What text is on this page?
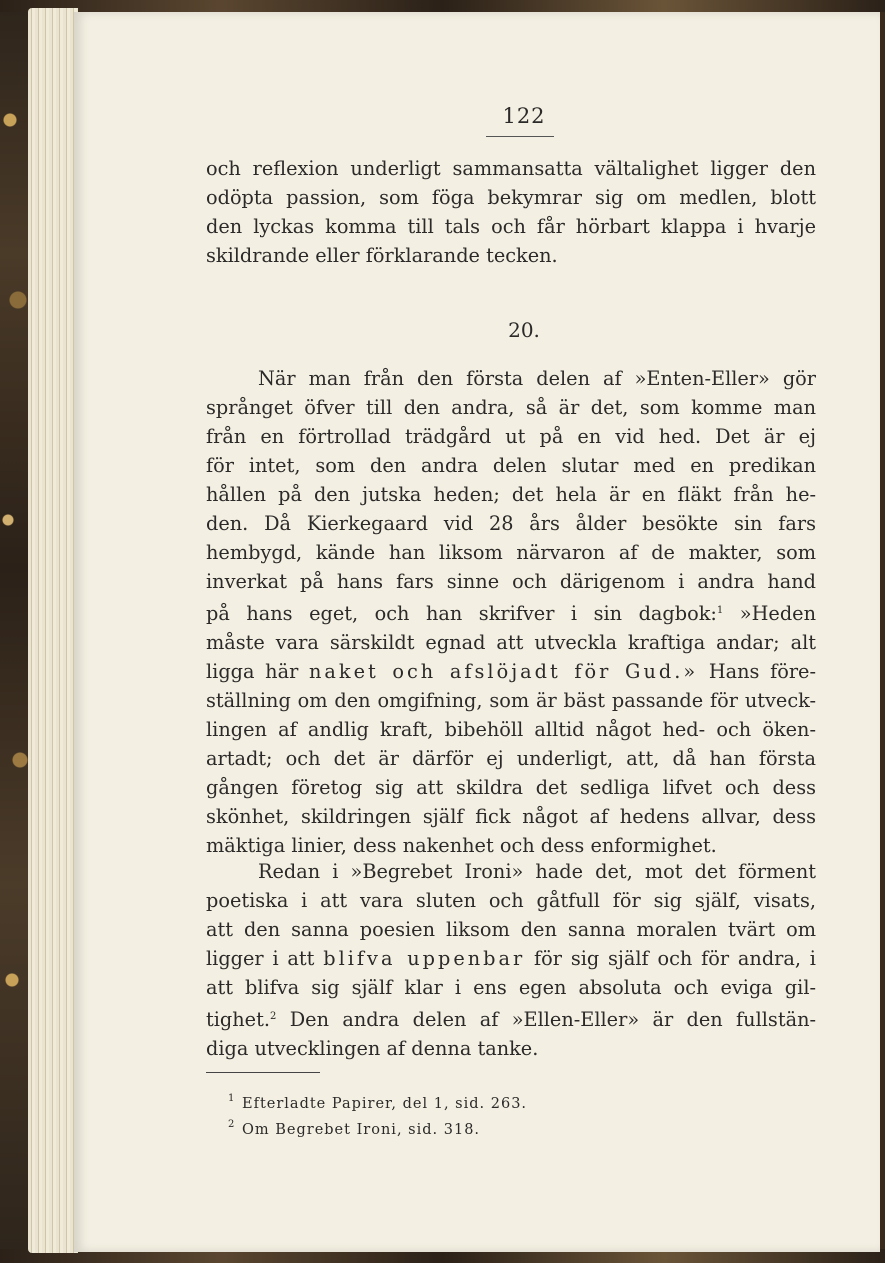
122
och reflexion underligt sammansatta vältalighet ligger den
odöpta passion, som föga bekymrar sig om medlen, blott
den lyckas komma till tals och får hörbart klappa i hvarje
skildrande eller förklarande tecken.
20.
När man från den första delen af »Enten-Eller» gör
språnget öfver till den andra, så är det, som komme man
från en förtrollad trädgård ut på en vid hed. Det är ej
för intet, som den andra delen slutar med en predikan
hållen på den jutska heden; det hela är en fläkt från he-
den. Då Kierkegaard vid 28 års ålder besökte sin fars
hembygd, kände han liksom närvaron af de makter, som
inverkat på hans fars sinne och därigenom i andra hand
på hans eget, och han skrifver i sin dagbok:$^1$ »Heden
måste vara särskildt egnad att utveckla kraftiga andar; alt
ligga här naket och afslöjadt för Gud.» Hans före-
ställning om den omgifning, som är bäst passande för utveck-
lingen af andlig kraft, bibehöll alltid något hed- och öken-
artadt; och det är därför ej underligt, att, då han första
gången företog sig att skildra det sedliga lifvet och dess
skönhet, skildringen själf fick något af hedens allvar, dess
mäktiga linier, dess nakenhet och dess enformighet.
Redan i »Begrebet Ironi» hade det, mot det förment
poetiska i att vara sluten och gåtfull för sig själf, visats,
att den sanna poesien liksom den sanna moralen tvärt om
ligger i att blifva uppenbar för sig själf och för andra, i
att blifva sig själf klar i ens egen absoluta och eviga gil-
tighet.$^2$ Den andra delen af »Ellen-Eller» är den fullstän-
diga utvecklingen af denna tanke.
1 Efterladte Papirer, del 1, sid. 263.
2 Om Begrebet Ironi, sid. 318.
